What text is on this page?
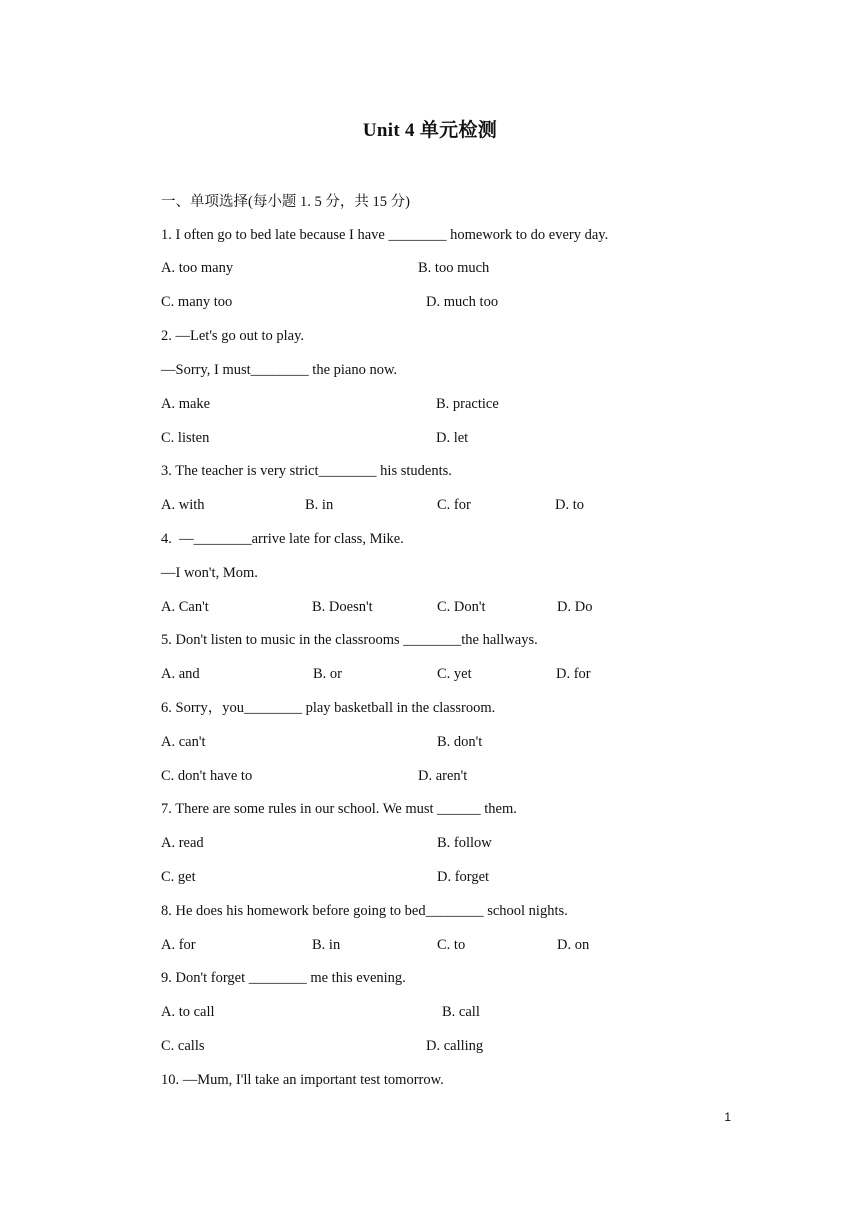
Unit 4 单元检测
一、单项选择(每小题 1. 5 分，共 15 分)
1. I often go to bed late because I have ________ homework to do every day.
A. too many	B. too much
C. many too	D. much too
2. —Let's go out to play.
—Sorry, I must________ the piano now.
A. make	B. practice
C. listen	D. let
3. The teacher is very strict________ his students.
A. with	B. in	C. for	D. to
4.  —________arrive late for class, Mike.
—I won't, Mom.
A. Can't	B. Doesn't	C. Don't	D. Do
5. Don't listen to music in the classrooms ________the hallways.
A. and	B. or	C. yet	D. for
6. Sorry，you________ play basketball in the classroom.
A. can't	B. don't
C. don't have to	D. aren't
7. There are some rules in our school. We must ______ them.
A. read	B. follow
C. get	D. forget
8. He does his homework before going to bed________ school nights.
A. for	B. in	C. to	D. on
9. Don't forget ________ me this evening.
A. to call	B. call
C. calls	D. calling
10. —Mum, I'll take an important test tomorrow.
1
